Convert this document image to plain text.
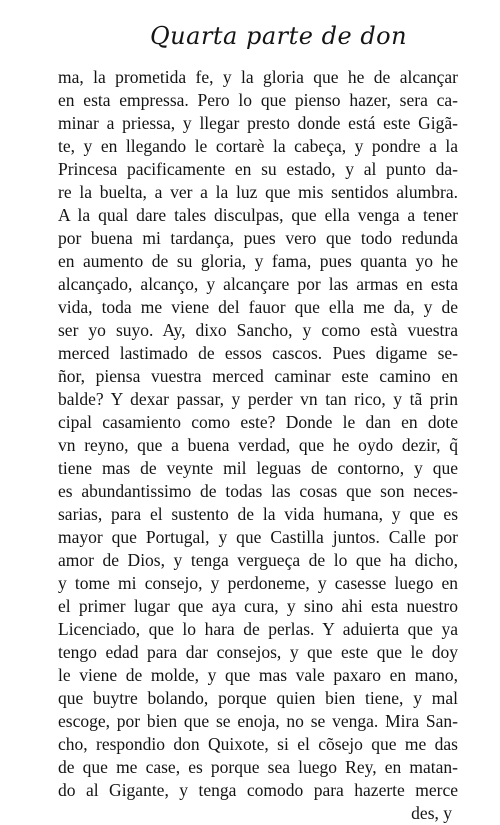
Quarta parte de don
ma, la prometida fe, y la gloria que he de alcançar
en esta empressa. Pero lo que pienso hazer, sera ca-
minar a priessa, y llegar presto donde está este Gigã-
te, y en llegando le cortarè la cabeça, y pondre a la
Princesa pacificamente en su estado, y al punto da-
re la buelta, a ver a la luz que mis sentidos alumbra.
A la qual dare tales disculpas, que ella venga a tener
por buena mi tardança, pues vero que todo redunda
en aumento de su gloria, y fama, pues quanta yo he
alcançado, alcanço, y alcançare por las armas en esta
vida, toda me viene del fauor que ella me da, y de
ser yo suyo. Ay, dixo Sancho, y como està vuestra
merced lastimado de essos cascos. Pues digame se-
ñor, piensa vuestra merced caminar este camino en
balde? Y dexar passar, y perder vn tan rico, y tã prin
cipal casamiento como este? Donde le dan en dote
vn reyno, que a buena verdad, que he oydo dezir, q̃
tiene mas de veynte mil leguas de contorno, y que
es abundantissimo de todas las cosas que son neces-
sarias, para el sustento de la vida humana, y que es
mayor que Portugal, y que Castilla juntos. Calle por
amor de Dios, y tenga vergueça de lo que ha dicho,
y tome mi consejo, y perdoneme, y casesse luego en
el primer lugar que aya cura, y sino ahi esta nuestro
Licenciado, que lo hara de perlas. Y aduierta que ya
tengo edad para dar consejos, y que este que le doy
le viene de molde, y que mas vale paxaro en mano,
que buytre bolando, porque quien bien tiene, y mal
escoge, por bien que se enoja, no se venga. Mira San-
cho, respondio don Quixote, si el cõsejo que me das
de que me case, es porque sea luego Rey, en matan-
do al Gigante, y tenga comodo para hazerte merce
des, y
